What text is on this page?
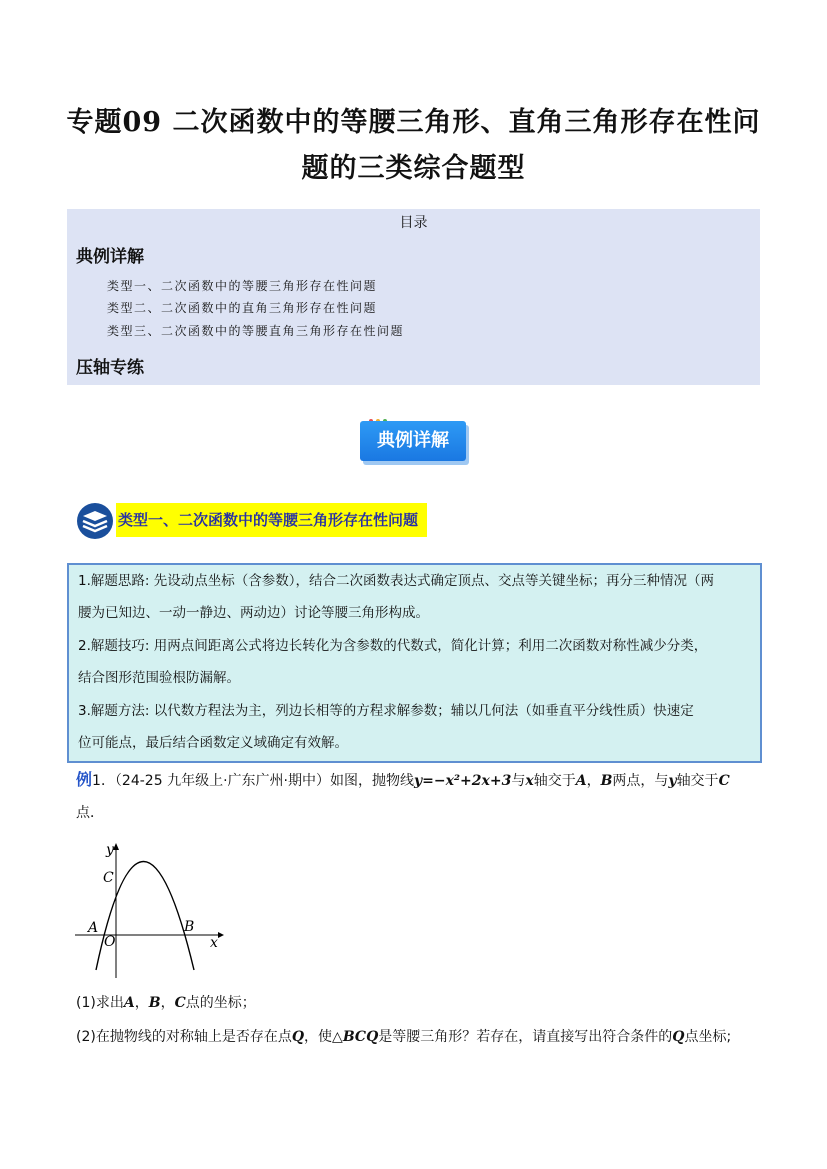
专题09 二次函数中的等腰三角形、直角三角形存在性问
题的三类综合题型
目录
典例详解
类型一、二次函数中的等腰三角形存在性问题
类型二、二次函数中的直角三角形存在性问题
类型三、二次函数中的等腰直角三角形存在性问题
压轴专练
典例详解
类型一、二次函数中的等腰三角形存在性问题
1.解题思路: 先设动点坐标（含参数），结合二次函数表达式确定顶点、交点等关键坐标；再分三种情况（两
腰为已知边、一动一静边、两动边）讨论等腰三角形构成。
2.解题技巧: 用两点间距离公式将边长转化为含参数的代数式，简化计算；利用二次函数对称性减少分类，
结合图形范围验根防漏解。
3.解题方法: 以代数方程法为主，列边长相等的方程求解参数；辅以几何法（如垂直平分线性质）快速定
位可能点，最后结合函数定义域确定有效解。
例1．（24-25 九年级上·广东广州·期中）如图，抛物线y=−x²+2x+3与x轴交于A，B两点，与y轴交于C
点．
y
x
O
A	B
C
(1)求出A，B，C点的坐标；
(2)在抛物线的对称轴上是否存在点Q，使△BCQ是等腰三角形？若存在，请直接写出符合条件的Q点坐标;
